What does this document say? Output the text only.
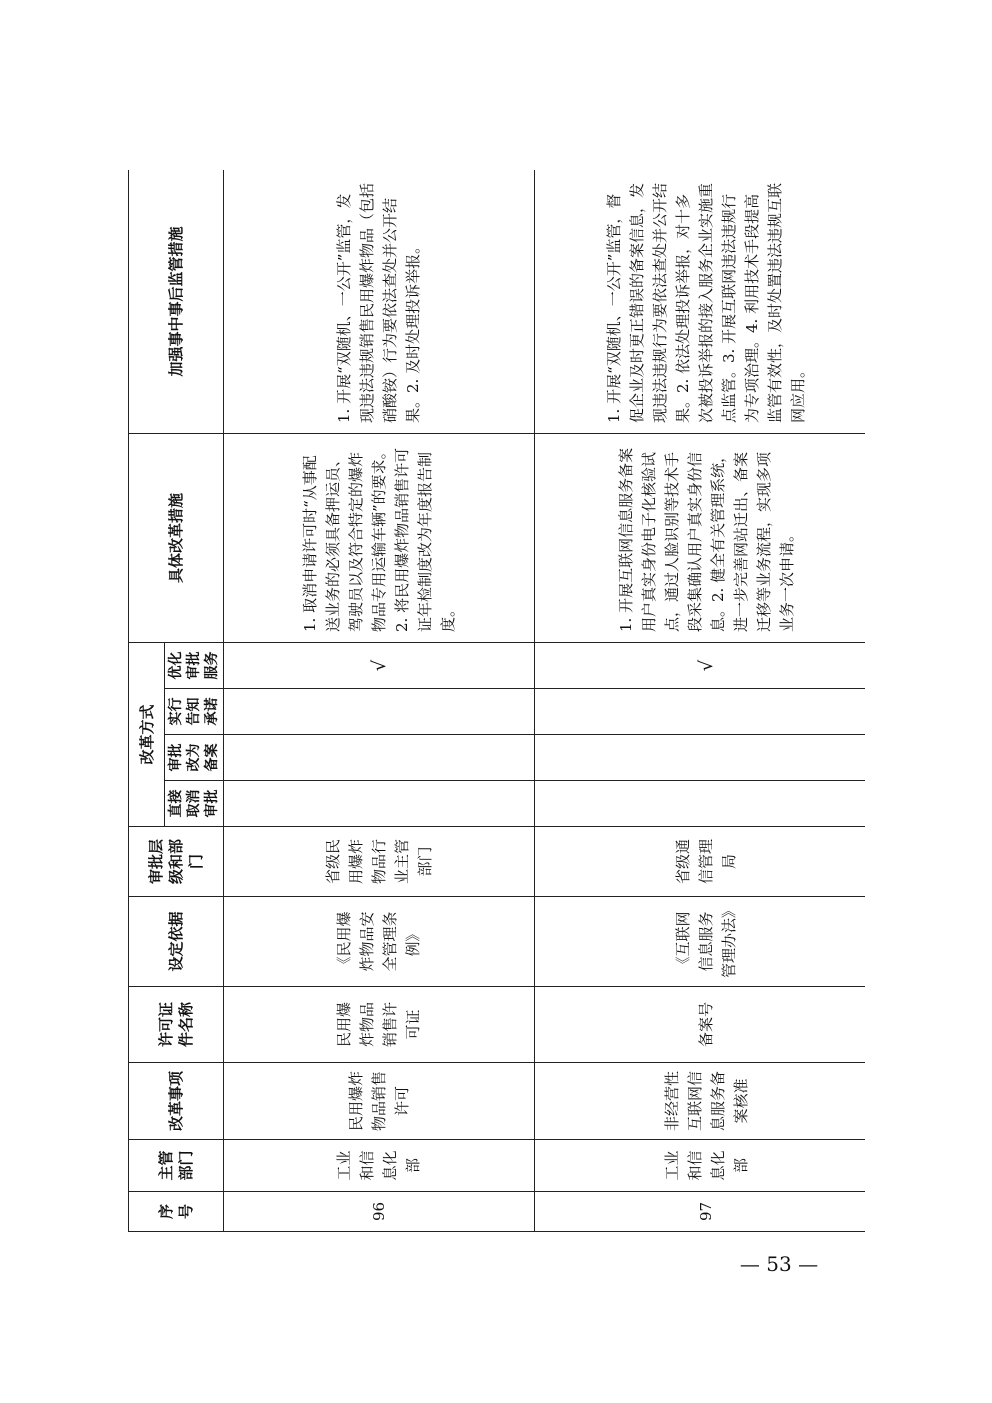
序号	主管部门	改革事项	许可证件名称	设定依据	审批层级和部门	改革方式				具体改革措施	加强事中事后监管措施
						直接取消审批	审批改为备案	实行告知承诺	优化审批服务		
96	工业和信息化部	民用爆炸物品销售许可	民用爆炸物品销售许可证	《民用爆炸物品安全管理条例》	省级民用爆炸物品行业主管部门				√	1. 取消申请许可时“从事配送业务的必须具备押运员、驾驶员以及符合特定的爆炸物品专用运输车辆”的要求。2. 将民用爆炸物品销售许可证年检制度改为年度报告制度。	1. 开展“双随机、一公开”监管，发现违法违规销售民用爆炸物品（包括硝酸铵）行为要依法查处并公开结果。2. 及时处理投诉举报。
97	工业和信息化部	非经营性互联网信息服务备案核准	备案号	《互联网信息服务管理办法》	省级通信管理局				√	1. 开展互联网信息服务备案用户真实身份电子化核验试点，通过人脸识别等技术手段采集确认用户真实身份信息。2. 健全有关管理系统，进一步完善网站迁出、备案迁移等业务流程，实现多项业务一次申请。	1. 开展“双随机、一公开”监管，督促企业及时更正错误的备案信息，发现违法违规行为要依法查处并公开结果。2. 依法处理投诉举报，对十多次被投诉举报的接入服务企业实施重点监管。3. 开展互联网违法违规行为专项治理。4. 利用技术手段提高监管有效性，及时处置违法违规互联网应用。
— 53 —
